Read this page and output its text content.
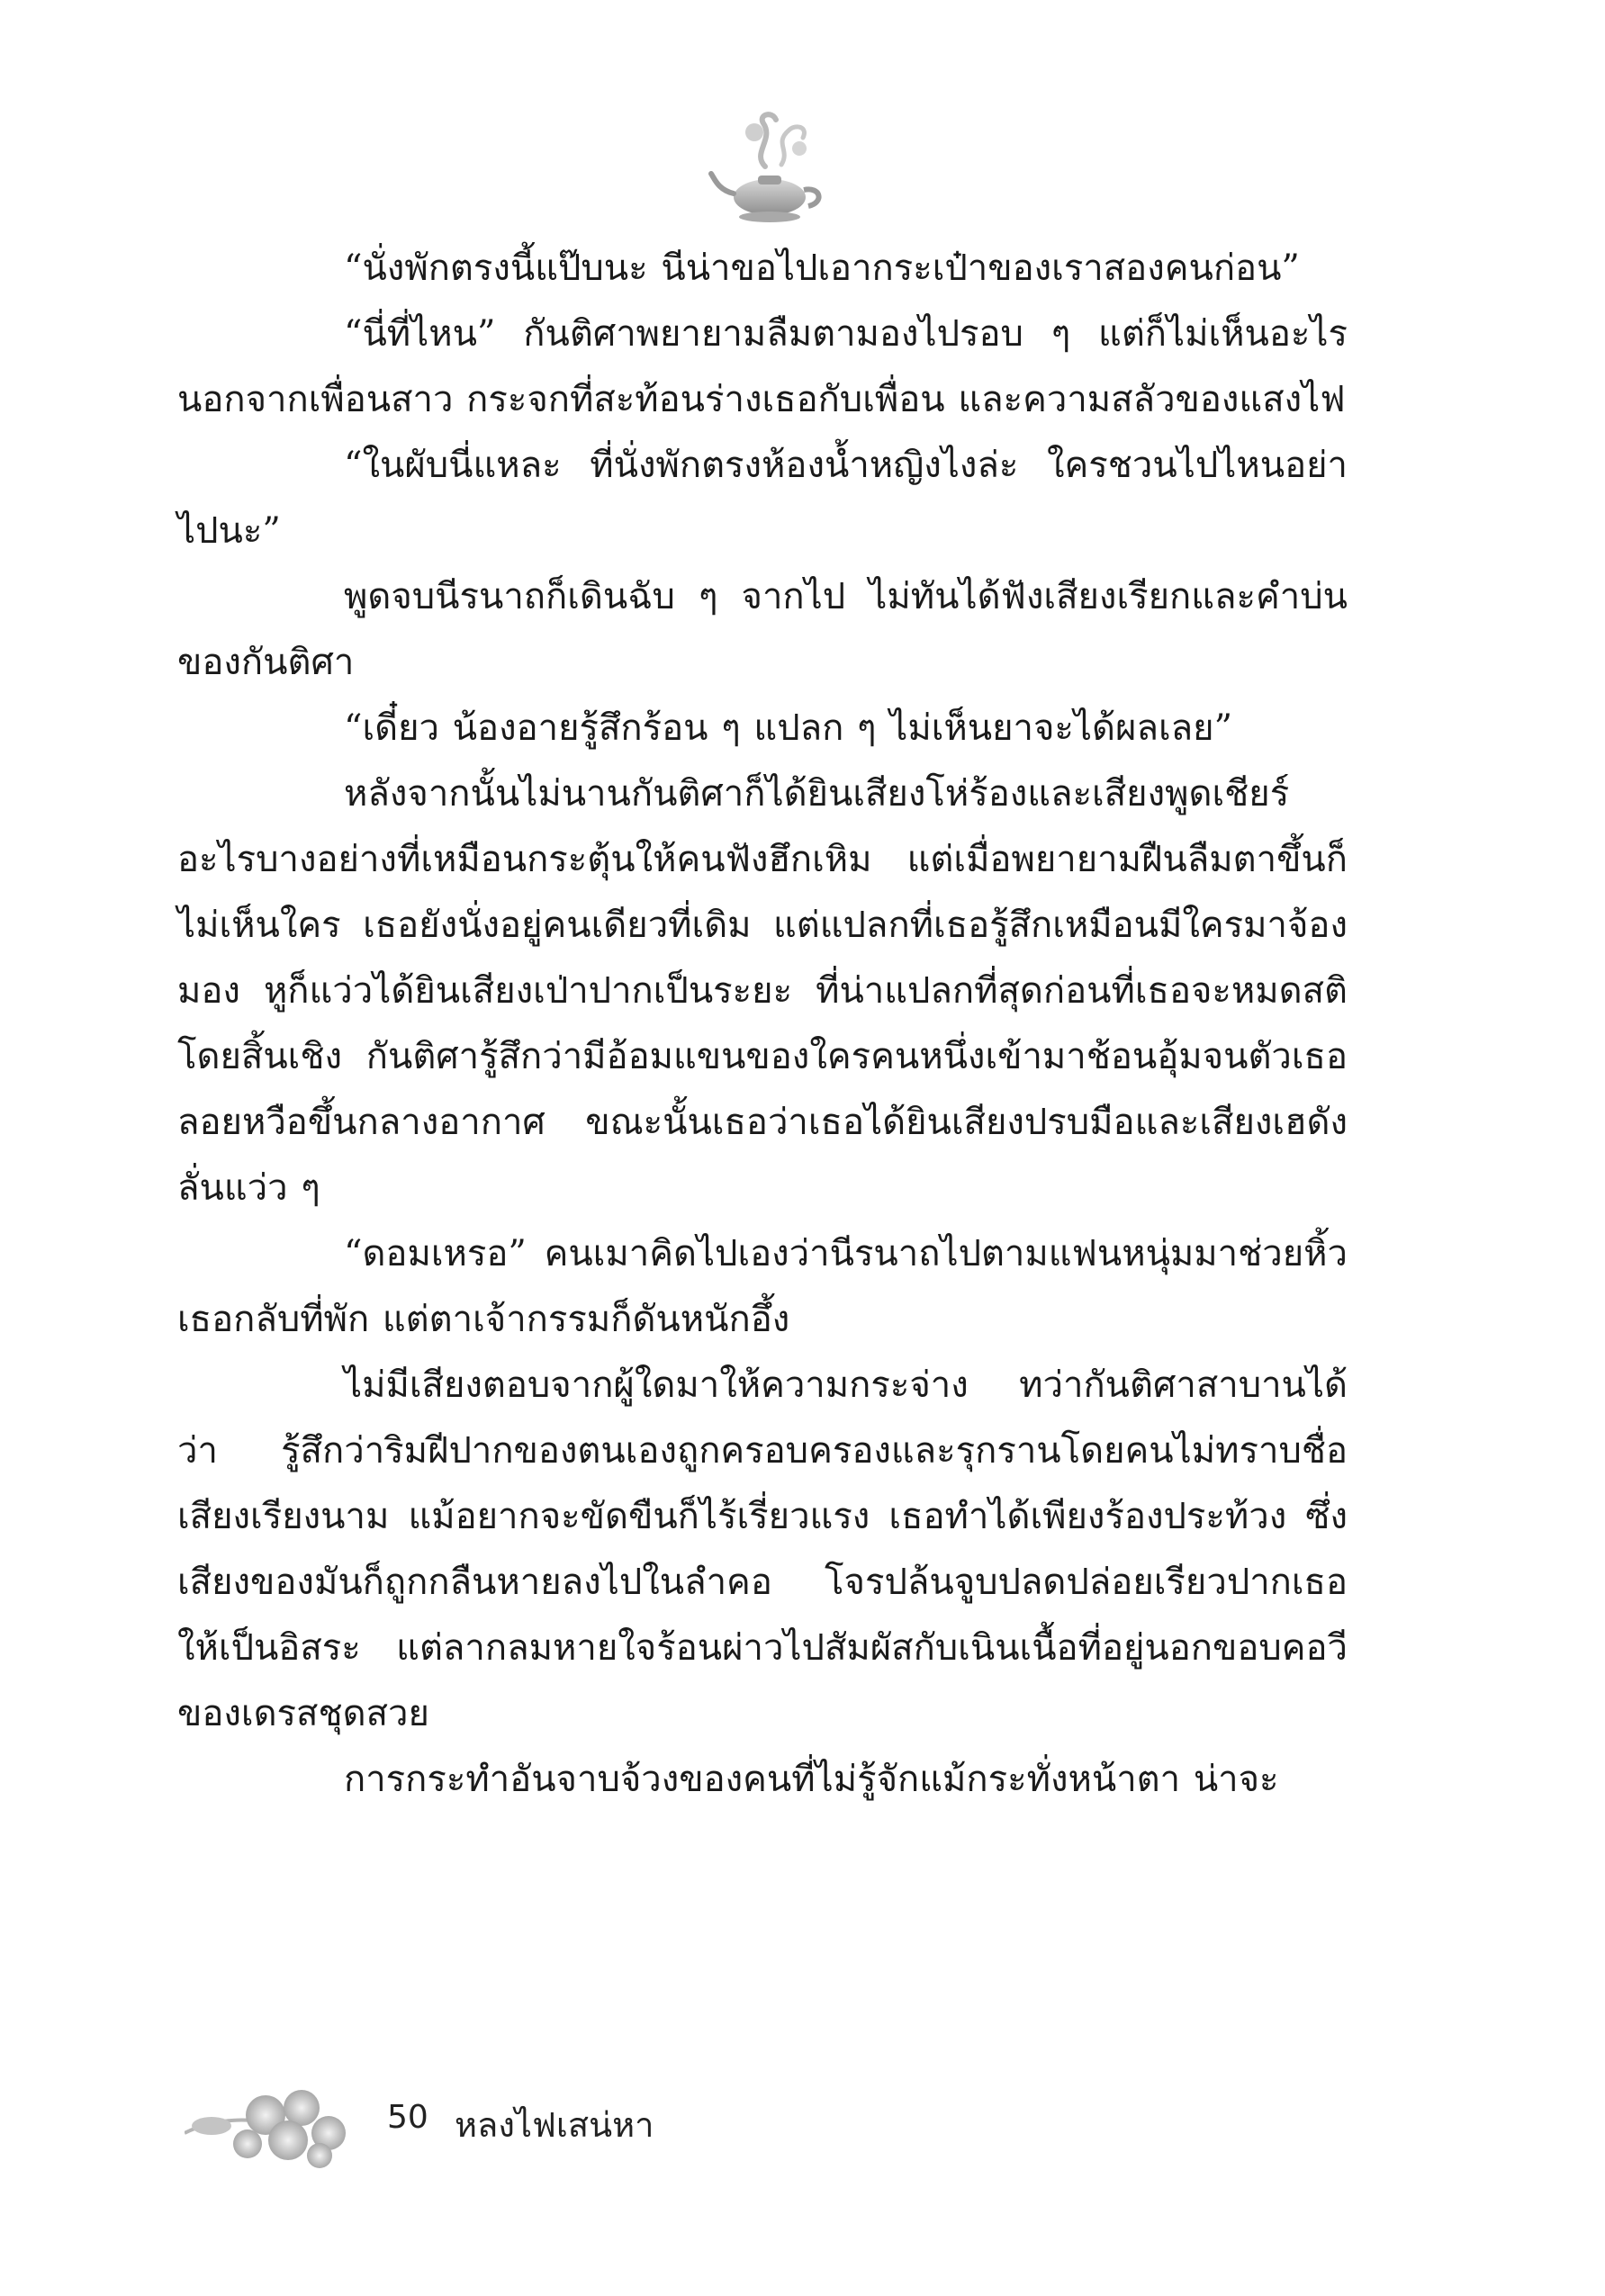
“นั่งพักตรงนี้แป๊บนะ นีน่าขอไปเอากระเป๋าของเราสองคนก่อน”

“นี่ที่ไหน” กันติศาพยายามลืมตามองไปรอบ ๆ แต่ก็ไม่เห็นอะไร นอกจากเพื่อนสาว กระจกที่สะท้อนร่างเธอกับเพื่อน และความสลัวของแสงไฟ

“ในผับนี่แหละ ที่นั่งพักตรงห้องน้ำหญิงไงล่ะ ใครชวนไปไหนอย่าไปนะ”

พูดจบนีรนาถก็เดินฉับ ๆ จากไป ไม่ทันได้ฟังเสียงเรียกและคำบ่นของกันติศา

“เดี๋ยว น้องอายรู้สึกร้อน ๆ แปลก ๆ ไม่เห็นยาจะได้ผลเลย”

หลังจากนั้นไม่นานกันติศาก็ได้ยินเสียงโห่ร้องและเสียงพูดเชียร์อะไรบางอย่างที่เหมือนกระตุ้นให้คนฟังฮึกเหิม แต่เมื่อพยายามฝืนลืมตาขึ้นก็ไม่เห็นใคร เธอยังนั่งอยู่คนเดียวที่เดิม แต่แปลกที่เธอรู้สึกเหมือนมีใครมาจ้องมอง หูก็แว่วได้ยินเสียงเป่าปากเป็นระยะ ที่น่าแปลกที่สุดก่อนที่เธอจะหมดสติโดยสิ้นเชิง กันติศารู้สึกว่ามีอ้อมแขนของใครคนหนึ่งเข้ามาช้อนอุ้มจนตัวเธอลอยหวือขึ้นกลางอากาศ ขณะนั้นเธอว่าเธอได้ยินเสียงปรบมือและเสียงเฮดังลั่นแว่ว ๆ

“ดอมเหรอ” คนเมาคิดไปเองว่านีรนาถไปตามแฟนหนุ่มมาช่วยหิ้วเธอกลับที่พัก แต่ตาเจ้ากรรมก็ดันหนักอึ้ง

ไม่มีเสียงตอบจากผู้ใดมาให้ความกระจ่าง ทว่ากันติศาสาบานได้ว่า รู้สึกว่าริมฝีปากของตนเองถูกครอบครองและรุกรานโดยคนไม่ทราบชื่อเสียงเรียงนาม แม้อยากจะขัดขืนก็ไร้เรี่ยวแรง เธอทำได้เพียงร้องประท้วง ซึ่งเสียงของมันก็ถูกกลืนหายลงไปในลำคอ โจรปล้นจูบปลดปล่อยเรียวปากเธอให้เป็นอิสระ แต่ลากลมหายใจร้อนผ่าวไปสัมผัสกับเนินเนื้อที่อยู่นอกขอบคอวีของเดรสชุดสวย

การกระทำอันจาบจ้วงของคนที่ไม่รู้จักแม้กระทั่งหน้าตา น่าจะ

50 หลงไฟเสน่หา
